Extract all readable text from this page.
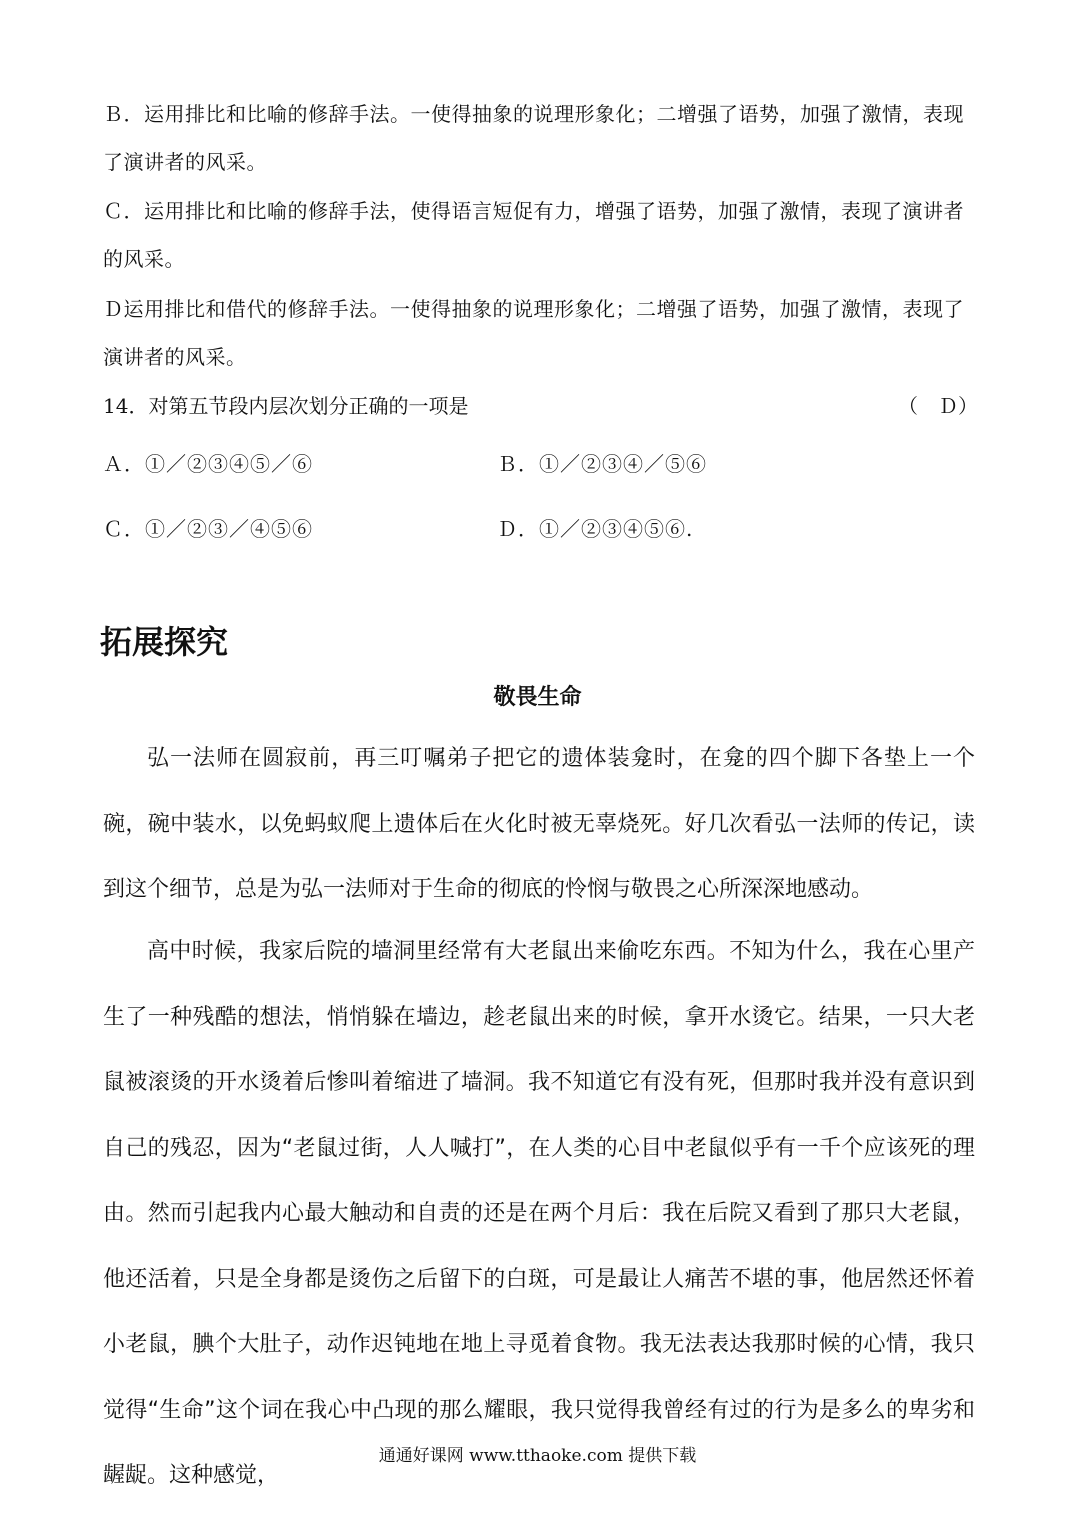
Ｂ．运用排比和比喻的修辞手法。一使得抽象的说理形象化；二增强了语势，加强了激情，表现了演讲者的风采。
Ｃ．运用排比和比喻的修辞手法，使得语言短促有力，增强了语势，加强了激情，表现了演讲者的风采。
Ｄ运用排比和借代的修辞手法。一使得抽象的说理形象化；二增强了语势，加强了激情，表现了演讲者的风采。
14．对第五节段内层次划分正确的一项是	（　Ｄ）
Ａ．①／②③④⑤／⑥	Ｂ．①／②③④／⑤⑥
Ｃ．①／②③／④⑤⑥	Ｄ．①／②③④⑤⑥.
拓展探究
敬畏生命

弘一法师在圆寂前，再三叮嘱弟子把它的遗体装龛时，在龛的四个脚下各垫上一个碗，碗中装水，以免蚂蚁爬上遗体后在火化时被无辜烧死。好几次看弘一法师的传记，读到这个细节，总是为弘一法师对于生命的彻底的怜悯与敬畏之心所深深地感动。

高中时候，我家后院的墙洞里经常有大老鼠出来偷吃东西。不知为什么，我在心里产生了一种残酷的想法，悄悄躲在墙边，趁老鼠出来的时候，拿开水烫它。结果，一只大老鼠被滚烫的开水烫着后惨叫着缩进了墙洞。我不知道它有没有死，但那时我并没有意识到自己的残忍，因为“老鼠过街，人人喊打”，在人类的心目中老鼠似乎有一千个应该死的理由。然而引起我内心最大触动和自责的还是在两个月后：我在后院又看到了那只大老鼠，他还活着，只是全身都是烫伤之后留下的白斑，可是最让人痛苦不堪的事，他居然还怀着小老鼠，腆个大肚子，动作迟钝地在地上寻觅着食物。我无法表达我那时候的心情，我只觉得“生命”这个词在我心中凸现的那么耀眼，我只觉得我曾经有过的行为是多么的卑劣和龌龊。这种感觉，

通通好课网 www.tthaoke.com 提供下载
